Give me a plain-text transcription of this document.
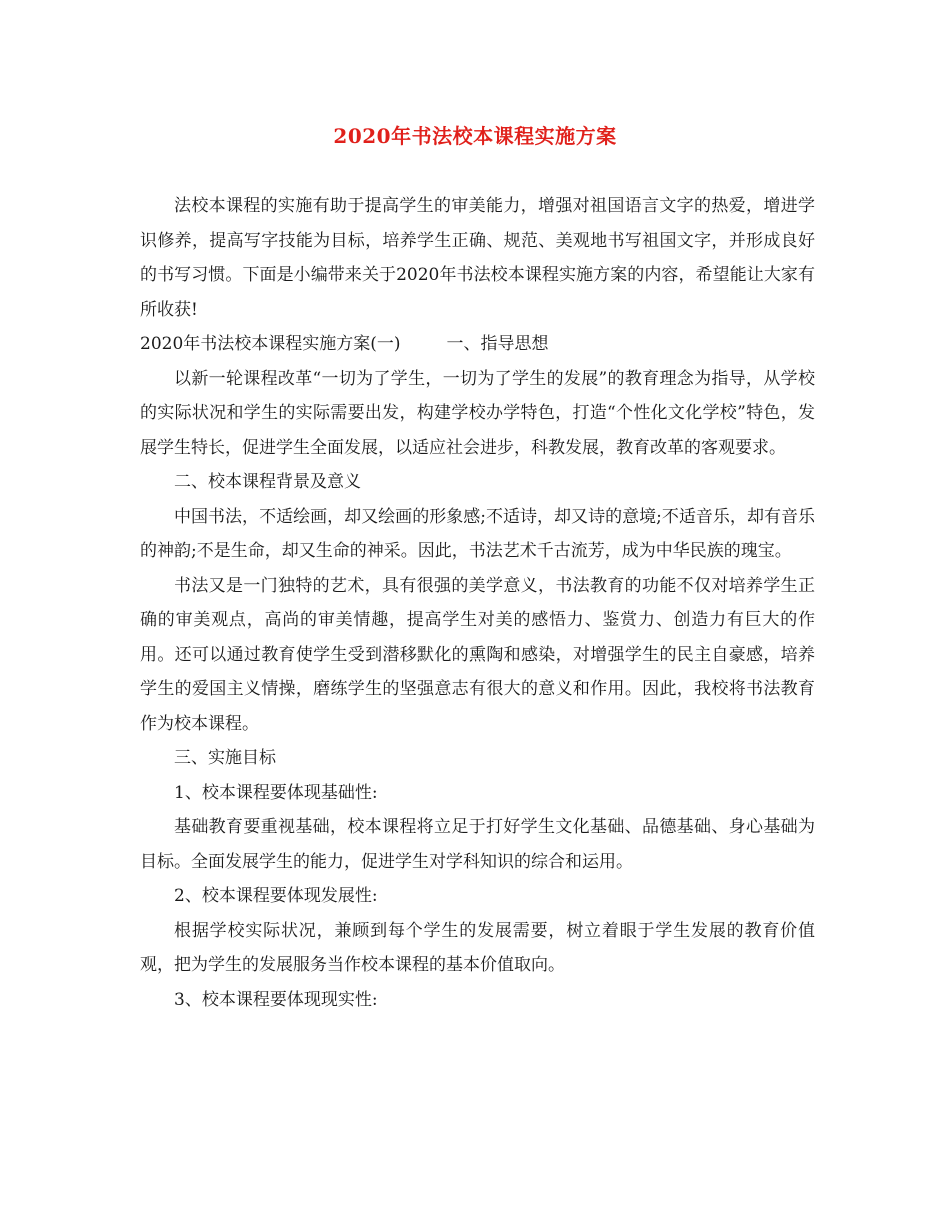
2020年书法校本课程实施方案

法校本课程的实施有助于提高学生的审美能力，增强对祖国语言文字的热爱，增进学识修养，提高写字技能为目标，培养学生正确、规范、美观地书写祖国文字，并形成良好的书写习惯。下面是小编带来关于2020年书法校本课程实施方案的内容，希望能让大家有所收获!

2020年书法校本课程实施方案(一)	一、指导思想

以新一轮课程改革“一切为了学生，一切为了学生的发展”的教育理念为指导，从学校的实际状况和学生的实际需要出发，构建学校办学特色，打造“个性化文化学校”特色，发展学生特长，促进学生全面发展，以适应社会进步，科教发展，教育改革的客观要求。

二、校本课程背景及意义

中国书法，不适绘画，却又绘画的形象感;不适诗，却又诗的意境;不适音乐，却有音乐的神韵;不是生命，却又生命的神采。因此，书法艺术千古流芳，成为中华民族的瑰宝。

书法又是一门独特的艺术，具有很强的美学意义，书法教育的功能不仅对培养学生正确的审美观点，高尚的审美情趣，提高学生对美的感悟力、鉴赏力、创造力有巨大的作用。还可以通过教育使学生受到潜移默化的熏陶和感染，对增强学生的民主自豪感，培养学生的爱国主义情操，磨练学生的坚强意志有很大的意义和作用。因此，我校将书法教育作为校本课程。

三、实施目标

1、校本课程要体现基础性:

基础教育要重视基础，校本课程将立足于打好学生文化基础、品德基础、身心基础为目标。全面发展学生的能力，促进学生对学科知识的综合和运用。

2、校本课程要体现发展性:

根据学校实际状况，兼顾到每个学生的发展需要，树立着眼于学生发展的教育价值观，把为学生的发展服务当作校本课程的基本价值取向。

3、校本课程要体现现实性:
